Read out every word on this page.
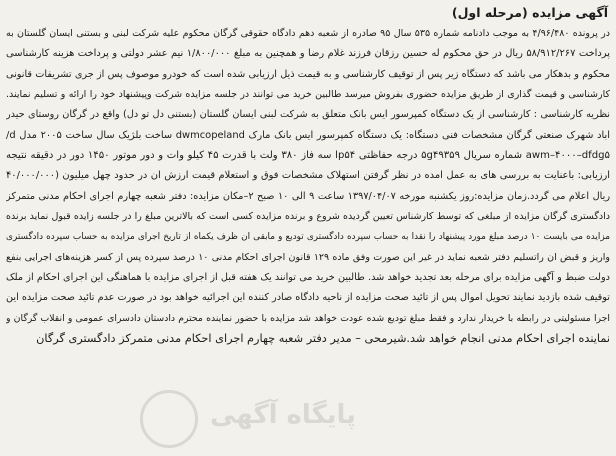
آگهی مزایده (مرحله اول)
در پرونده ۴/۹۶/۴۸۰ به موجب دادنامه شماره ۵۳۵ سال ۹۵ صادره از شعبه دهم دادگاه حقوقی گرگان محکوم علیه شرکت لبنی و بستنی ایسان گلستان به
پرداخت ۵۸/۹۱۲/۲۶۷ ریال در حق محکوم له حسین رزقان فرزند غلام رضا و همچنین به مبلغ ۱/۸۰۰/۰۰۰ نیم عشر دولتی و پرداخت هزینه کارشناسی
محکوم و بدهکار می باشد که دستگاه زیر پس از توقیف کارشناسی و به قیمت ذیل ارزیابی شده است که خودرو موصوف پس از جری تشریفات قانونی
کارشناسی و قیمت گذاری از طریق مزایده حضوری بفروش میرسد طالبین خرید می توانند در جلسه مزایده شرکت وپیشنهاد خود را ارائه و تسلیم نمایند.
نظریه کارشناسی : کارشناسی از یک دستگاه کمپرسور ایس بانک متعلق به شرکت لبنی ایسان گلستان (بستنی دل تو دل) واقع در گرگان روستای حیدر
اباد شهرک صنعتی گرگان مشخصات فنی دستگاه: یک دستگاه کمپرسور ایس بانک مارک dwmcopeland ساخت بلژیک سال ساخت ۲۰۰۵ مدل d/
awm–۴۰۰۰–dfdg۵ شماره سریال ۵g۴۹۳۵۹ درجه حفاظتی lp۵۴ سه فاز ۳۸۰ ولت با قدرت ۴۵ کیلو وات و دور موتور ۱۴۵۰ دور در دقیقه نتیجه
ارزیابی: باعنایت به بررسی های به عمل امده در نظر گرفتن استهلاک مشخصات فوق و استعلام قیمت ارزش ان در حدود چهل میلیون (۴۰/۰۰۰/۰۰۰
ریال اعلام می گردد.زمان مزایده:روز یکشنبه مورخه ۱۳۹۷/۰۴/۰۷ ساعت ۹ الی ۱۰ صبح ۲–مکان مزایده: دفتر شعبه چهارم اجرای احکام مدنی متمرکز
دادگستری گرگان مزایده از مبلغی که توسط کارشناس تعیین گردیده شروع و برنده مزایده کسی است که بالاترین مبلغ را در جلسه زایده قبول نماید برنده
مزایده می بایست ۱۰ درصد مبلغ مورد پیشنهاد را نقدا به حساب سپرده دادگستری تودیع و مابقی ان ظرف یکماه از تاریخ اجرای مزایده به حساب سپرده دادگستری
واریز و قبض ان راتسلیم دفتر شعبه نماید در غیر این صورت وفق ماده ۱۲۹ قانون اجرای احکام مدنی ۱۰ درصد سپرده پس از کسر هزینه‌های اجرایی بنفع
دولت ضبط و آگهی مزایده برای مرحله بعد تجدید خواهد شد. طالبین خرید می توانند یک هفته قبل از اجرای مزایده با هماهنگی این اجرای احکام از ملک
توقیف شده بازدید نمایند تحویل اموال پس از تائید صحت مزایده از ناحیه دادگاه صادر کننده این اجرائیه خواهد بود در صورت عدم تائید صحت مزایده این
اجرا مسئولیتی در رابطه با خریدار ندارد و فقط مبلغ تودیع شده عودت خواهد شد مزایده با حضور نماینده محترم دادستان دادسرای عمومی و انقلاب گرگان و
نماینده اجرای احکام مدنی انجام خواهد شد.شیرمحی – مدیر دفتر شعبه چهارم اجرای احکام مدنی متمرکز دادگستری گرگان
پایگاه آگهی
